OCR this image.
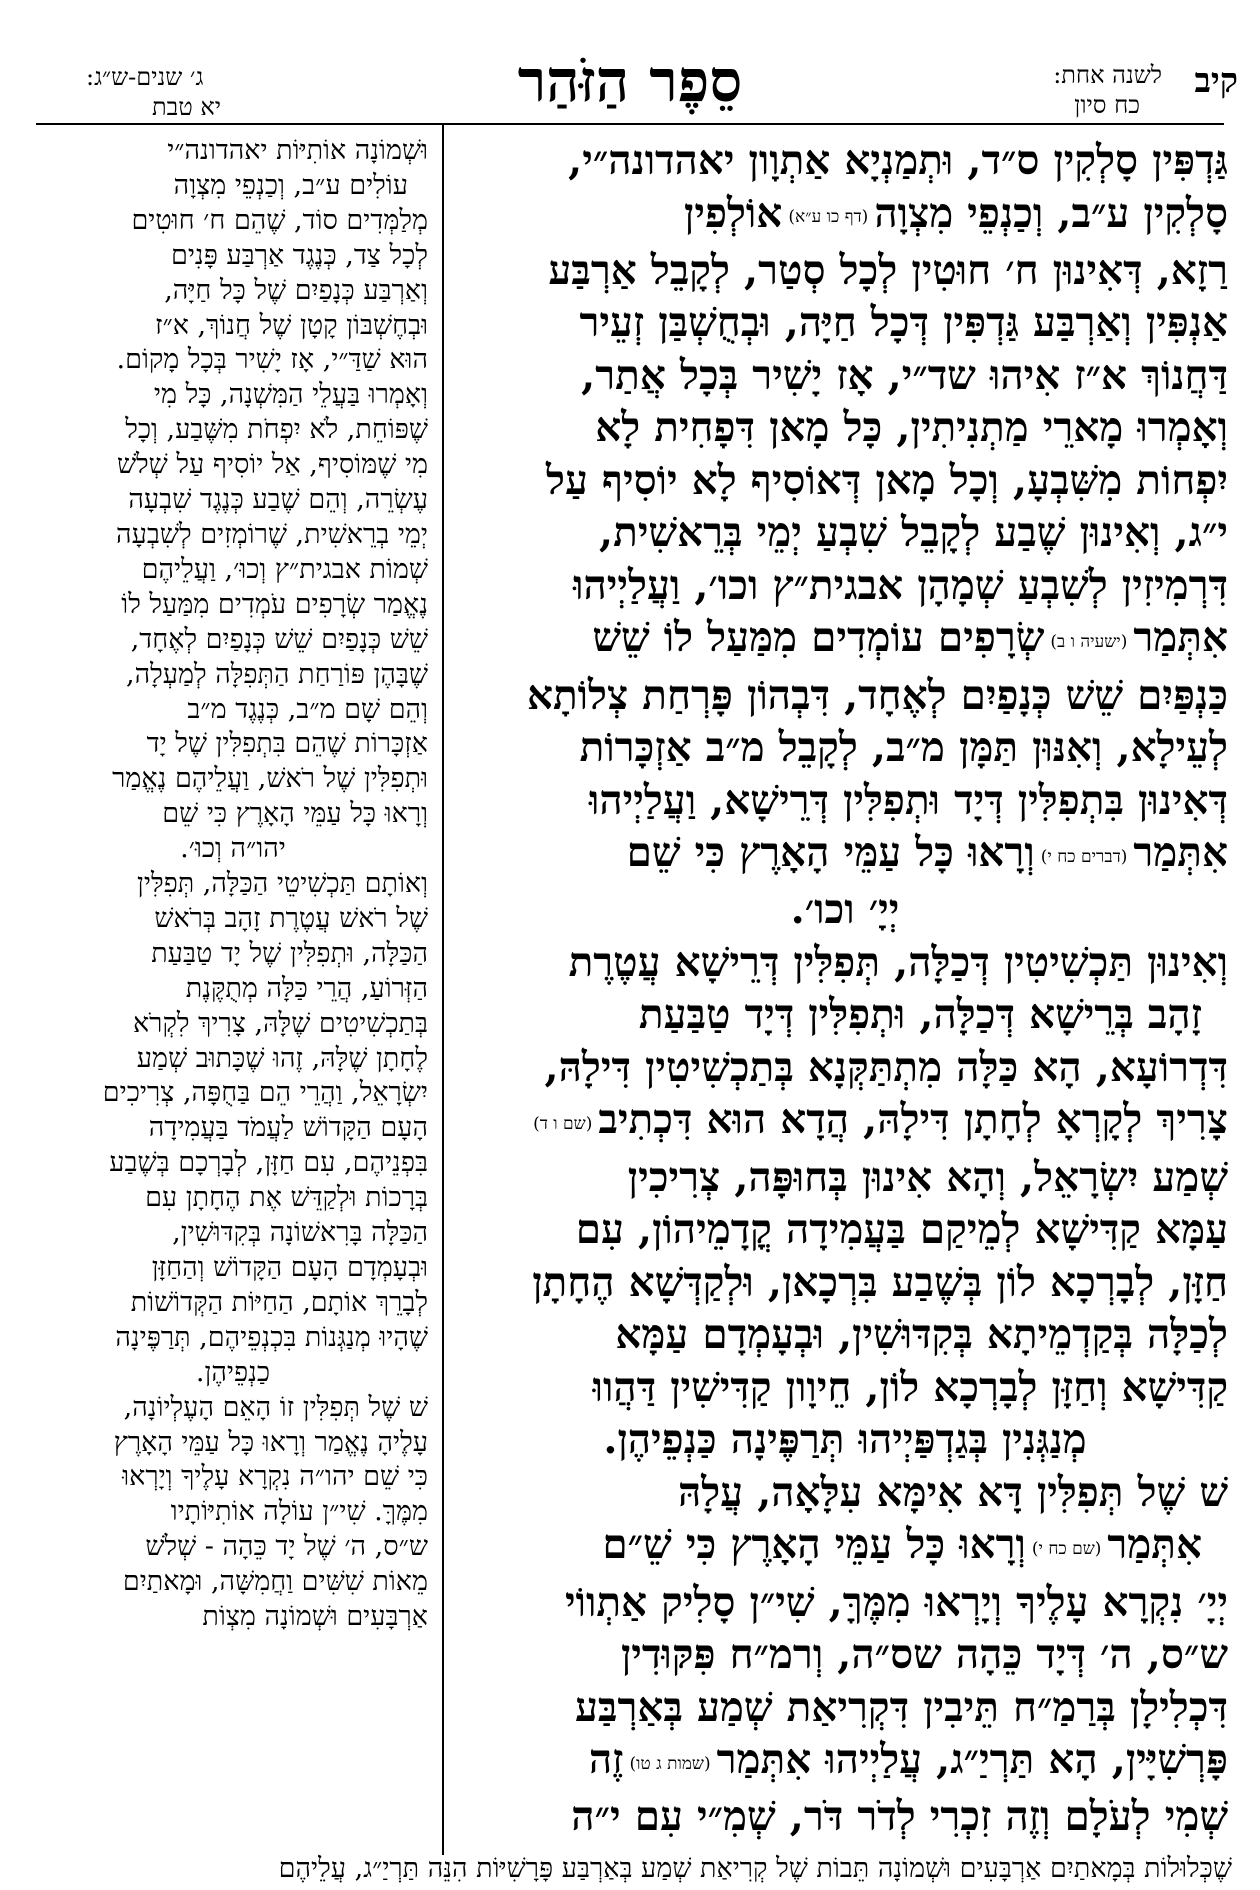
קיב
לשנה אחת:
כח סיון
סֵפֶר הַזֹּהַר
ג׳ שנים-ש״ג:
יא טבת

גַּדְפִּין סָלְקִין ס״ד, וּתְמַנְיָא אַתְוָון יאהדונה״י,

סָלְקִין ע״ב, וְכַנְפֵי מִצְוָה(דף כו ע״א)אוֹלְפִין

רַזָא, דְּאִינוּן ח׳ חוּטִין לְכָל סְטַר, לְקָבֵל אַרְבַּע

אַנְפִּין וְאַרְבַּע גַּדְפִּין דְּכָל חַיָּה, וּבְחֻשְׁבַּן זְעֵיר

דַּחֲנוֹךְ א״ז אִיהוּ שד״י, אָז יָשִׁיר בְּכָל אֲתַר,

וְאָמְרוּ מָארֵי מַתְנִיתִין, כָּל מָאן דִּפָחִית לָא

יִפְחוֹת מִשִּׁבְעָ, וְכָל מָאן דְּאוֹסִיף לָא יוֹסִיף עַל

י״ג, וְאִינוּן שֶׁבַע לְקָבֵל שִׁבְעַ יְמֵי בְּרֵאשִׁית,

דִּרְמִיזִין לְשִׁבְעַ שְׁמָהָן אבגית״ץ וכו׳, וַעֲלַיְיהוּ

אִתְּמַר(ישעיה ו ב)שְׂרָפִים עוֹמְדִים מִמַּעַל לוֹ שֵׁשׁ

כַּנְפַּיִם שֵׁשׁ כְּנָפַיִם לְאֶחָד, דִּבְהוֹן פָּרְחַת צְלוֹתָא

לְעֵילָא, וְאִנּוּן תַּמָּן מ״ב, לְקָבֵל מ״ב אַזְכָּרוֹת

דְּאִינוּן בִּתְפִלִּין דְּיָד וּתְפִלִּין דְּרֵישָׁא, וַעֲלַיְיהוּ

אִתְּמַר(דברים כח י)וְרָאוּ כָּל עַמֵּי הָאָרֶץ כִּי שֵׁם

יְיָ׳ וכו׳.

וְאִינוּן תַּכְשִׁיטִין דְּכַלָּה, תְּפִלִּין דְּרֵישָׁא עֲטֶרֶת

זָהָב בְּרֵישָׁא דְּכַלָּה, וּתְפִלִּין דְּיָד טַבַּעַת

דִּדְרוֹעָא, הָא כַּלָּה מִתְתַּקְּנָא בְּתַכְשִׁיטִין דִּילָהּ,

צָרִיךְ לְקָרְאָ לְחָתָן דִּילָהּ, הֲדָא הוּא דִּכְתִיב(שם ו ד)

שְׁמַע יִשְׂרָאֵל, וְהָא אִינוּן בְּחוּפָּה, צְרִיכִין

עַמָּא קַדִּישָׁא לְמֵיקַם בַּעֲמִידָה קֳדָמֵיהוֹן, עִם

חַזָּן, לְבָרְכָא לוֹן בְּשֶׁבַע בִּרְכָאן, וּלְקַדְּשָׁא הֶחָתָן

לְכַלָּה בְּקַדְמֵיתָא בְּקִדּוּשִׁין, וּבְעָמְדָם עַמָּא

קַדִּישָׁא וְחַזָּן לְבָרְכָא לוֹן, חֵיוָון קַדִּישִׁין דַּהֲווּ

מְנַגְּנִין בְּגַדְפַּיְיהוּ תְּרַפֶּינָה כַּנְפֵיהֶן.

שׁ שֶׁל תְּפִלִּין דָּא אִימָּא עִלָּאָה, עֲלָהּ

אִתְּמַר(שם כח י)וְרָאוּ כָּל עַמֵּי הָאָרֶץ כִּי שֵׁ״ם

יְיָ׳ נִקְרָא עָלֶיךָ וְיָרְאוּ מִמֶּךָּ, שִׁי״ן סָלִיק אַתְווֹי

ש״ס, ה׳ דְּיָד כֵּהָה שס״ה, וְרמ״ח פִּקּוּדִין

דִּכְלִילָן בְּרַמַ״ח תֵּיבִין דִּקְרִיאַת שְׁמַע בְּאַרְבַּע

פָּרְשִׁיָּין, הָא תַּרְיַ״ג, עֲלַיְיהוּ אִתְּמַר(שמות ג טו)זֶה

שְׁמִי לְעֹלָם וְזֶה זִכְרִי לְדֹר דֹּר, שְׁמִ״י עִם י״ה

וּשְׁמוֹנָה אוֹתִיּוֹת יאהדונה״י

עוֹלִים ע״ב, וְכַנְפֵי מִצְוָה

מְלַמְּדִים סוֹד, שֶׁהֵם ח׳ חוּטִים

לְכָל צַד, כְּנֶגֶד אַרְבַּע פָּנִים

וְאַרְבַּע כְּנָפַיִם שֶׁל כָּל חַיָּה,

וּבְחֶשְׁבּוֹן קָטָן שֶׁל חֲנוֹךְ, א״ז

הוּא שַׁדַּ״י, אָז יָשִׁיר בְּכָל מָקוֹם.

וְאָמְרוּ בַּעֲלֵי הַמִּשְׁנָה, כָּל מִי

שֶׁפּוֹחֵת, לֹא יִפְחֹת מִשֶּׁבַע, וְכָל

מִי שֶׁמּוֹסִיף, אַל יוֹסִיף עַל שְׁלֹשׁ

עֶשְׂרֵה, וְהֵם שֶׁבַע כְּנֶגֶד שִׁבְעָה

יְמֵי בְרֵאשִׁית, שֶׁרוֹמְזִים לְשִׁבְעָה

שְׁמוֹת אבגית״ץ וְכוּ׳, וַעֲלֵיהֶם

נֶאֱמַר שְׂרָפִים עֹמְדִים מִמַּעַל לוֹ

שֵׁשׁ כְּנָפַיִם שֵׁשׁ כְּנָפַיִם לְאֶחָד,

שֶׁבָּהֶן פּוֹרַחַת הַתְּפִלָּה לְמַעְלָה,

וְהֵם שָׁם מ״ב, כְּנֶגֶד מ״ב

אַזְכָּרוֹת שֶׁהֵם בִּתְפִלִּין שֶׁל יָד

וּתְפִלִּין שֶׁל רֹאשׁ, וַעֲלֵיהֶם נֶאֱמַר

וְרָאוּ כָּל עַמֵּי הָאָרֶץ כִּי שֵׁם

יהו״ה וְכוּ׳.

וְאוֹתָם תַּכְשִׁיטֵי הַכַּלָּה, תְּפִלִּין

שֶׁל רֹאשׁ עֲטֶרֶת זָהָב בְּרֹאשׁ

הַכַּלָּה, וּתְפִלִּין שֶׁל יָד טַבַּעַת

הַזְּרוֹעַ, הֲרֵי כַּלָּה מְתֻקֶּנֶת

בְּתַכְשִׁיטִים שֶׁלָּהּ, צָרִיךְ לִקְרֹא

לֶחָתָן שֶׁלָּהּ, זֶהוּ שֶׁכָּתוּב שְׁמַע

יִשְׂרָאֵל, וַהֲרֵי הֵם בַּחֻפָּה, צְרִיכִים

הָעָם הַקָּדוֹשׁ לַעֲמֹד בַּעֲמִידָה

בִּפְנֵיהֶם, עִם חַזָּן, לְבָרְכָם בְּשֶׁבַע

בְּרָכוֹת וּלְקַדֵּשׁ אֶת הֶחָתָן עִם

הַכַּלָּה בָּרִאשׁוֹנָה בְּקִדּוּשִׁין,

וּבְעָמְדָם הָעָם הַקָּדוֹשׁ וְהַחַזָּן

לְבָרֵךְ אוֹתָם, הַחַיּוֹת הַקְּדוֹשׁוֹת

שֶׁהָיוּ מְנַגְּנוֹת בִּכְנְפֵיהֶם, תְּרַפֶּינָה

כַנְפֵיהֶן.

שׁ שֶׁל תְּפִלִּין זוֹ הָאֵם הָעֶלְיוֹנָה,

עָלֶיהָ נֶאֱמַר וְרָאוּ כָּל עַמֵּי הָאָרֶץ

כִּי שֵׁם יהו״ה נִקְרָא עָלֶיךָ וְיָרְאוּ

מִמֶּךָּ. שִׁי״ן עוֹלָה אוֹתִיּוֹתָיו

ש״ס, ה׳ שֶׁל יָד כֵּהָה - שְׁלֹשׁ

מֵאוֹת שִׁשִּׁים וַחֲמִשָּׁה, וּמָאתַיִם

אַרְבָּעִים וּשְׁמוֹנָה מִצְוֹת

שֶׁכְּלוּלוֹת בְּמָאתַיִם אַרְבָּעִים וּשְׁמוֹנָה תֵּבוֹת שֶׁל קְרִיאַת שְׁמַע בְּאַרְבַּע פָּרָשִׁיּוֹת הִנֵּה תַּרְיַ״ג, עֲלֵיהֶם
